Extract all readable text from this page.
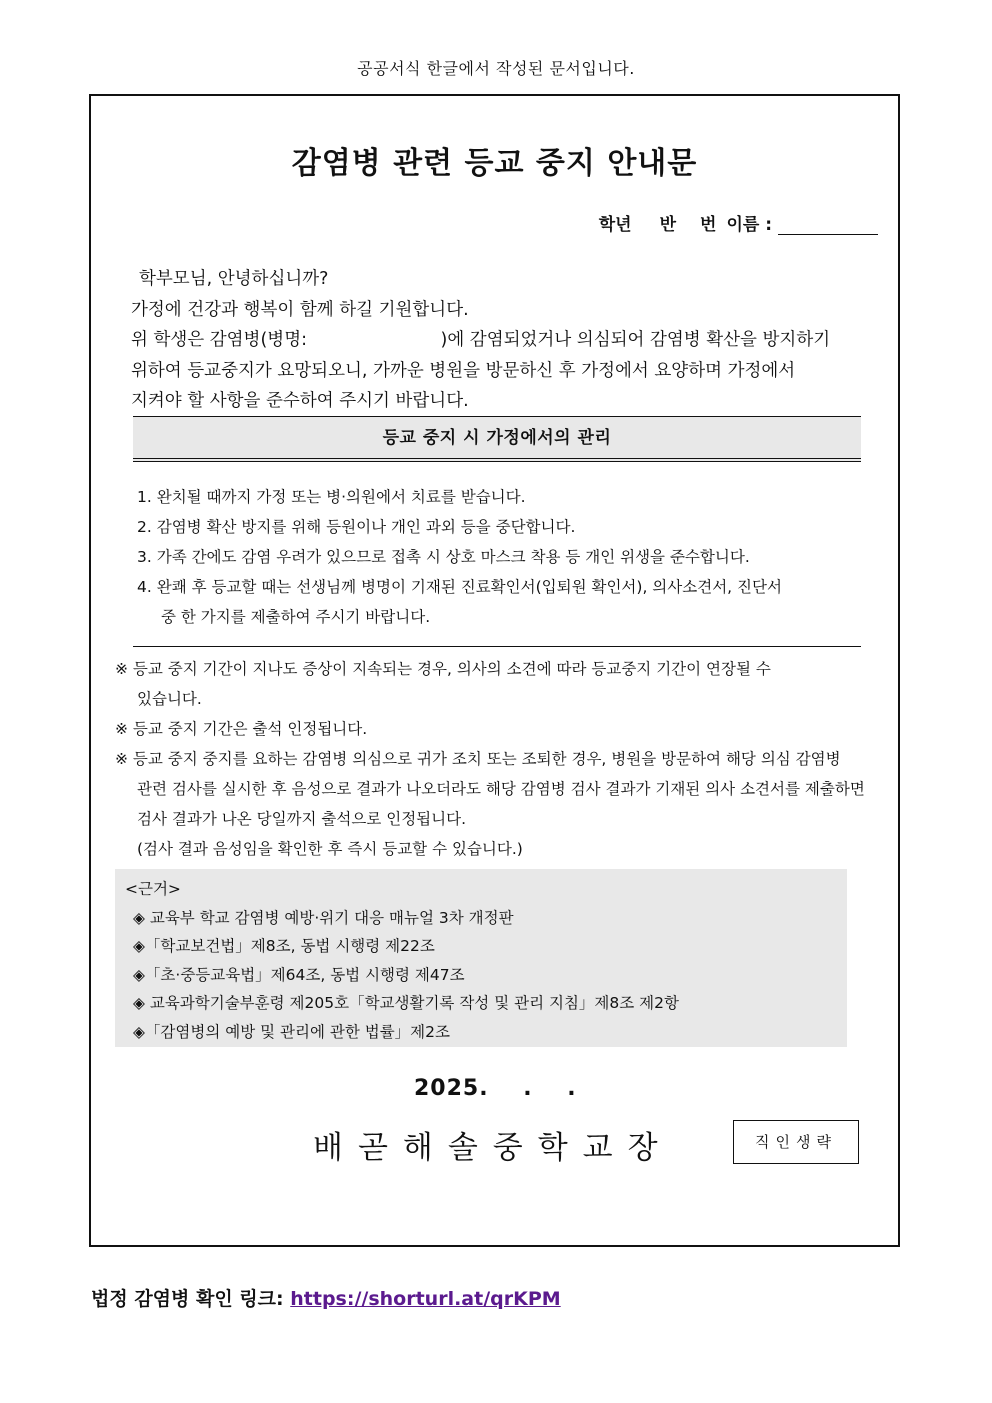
공공서식 한글에서 작성된 문서입니다.
감염병 관련 등교 중지 안내문
학년 반 번 이름 :

학부모님, 안녕하십니까?

가정에 건강과 행복이 함께 하길 기원합니다.

위 학생은 감염병(병명:                        )에 감염되었거나 의심되어 감염병 확산을 방지하기

위하여 등교중지가 요망되오니, 가까운 병원을 방문하신 후 가정에서 요양하며 가정에서

지켜야 할 사항을 준수하여 주시기 바랍니다.

등교 중지 시 가정에서의 관리
1. 완치될 때까지 가정 또는 병·의원에서 치료를 받습니다.
2. 감염병 확산 방지를 위해 등원이나 개인 과외 등을 중단합니다.
3. 가족 간에도 감염 우려가 있으므로 접촉 시 상호 마스크 착용 등 개인 위생을 준수합니다.
4. 완쾌 후 등교할 때는 선생님께 병명이 기재된 진료확인서(입퇴원 확인서), 의사소견서, 진단서
중 한 가지를 제출하여 주시기 바랍니다.
※ 등교 중지 기간이 지나도 증상이 지속되는 경우, 의사의 소견에 따라 등교중지 기간이 연장될 수
있습니다.
※ 등교 중지 기간은 출석 인정됩니다.
※ 등교 중지 중지를 요하는 감염병 의심으로 귀가 조치 또는 조퇴한 경우, 병원을 방문하여 해당 의심 감염병
관련 검사를 실시한 후 음성으로 결과가 나오더라도 해당 감염병 검사 결과가 기재된 의사 소견서를 제출하면
검사 결과가 나온 당일까지 출석으로 인정됩니다.
(검사 결과 음성임을 확인한 후 즉시 등교할 수 있습니다.)
<근거>
◈ 교육부 학교 감염병 예방·위기 대응 매뉴얼 3차 개정판
◈「학교보건법」제8조, 동법 시행령 제22조
◈「초·중등교육법」제64조, 동법 시행령 제47조
◈ 교육과학기술부훈령 제205호「학교생활기록 작성 및 관리 지침」제8조 제2항
◈「감염병의 예방 및 관리에 관한 법률」제2조
2025.    .    .
배곧해솔중학교장	직인생략
법정 감염병 확인 링크: https://shorturl.at/qrKPM
